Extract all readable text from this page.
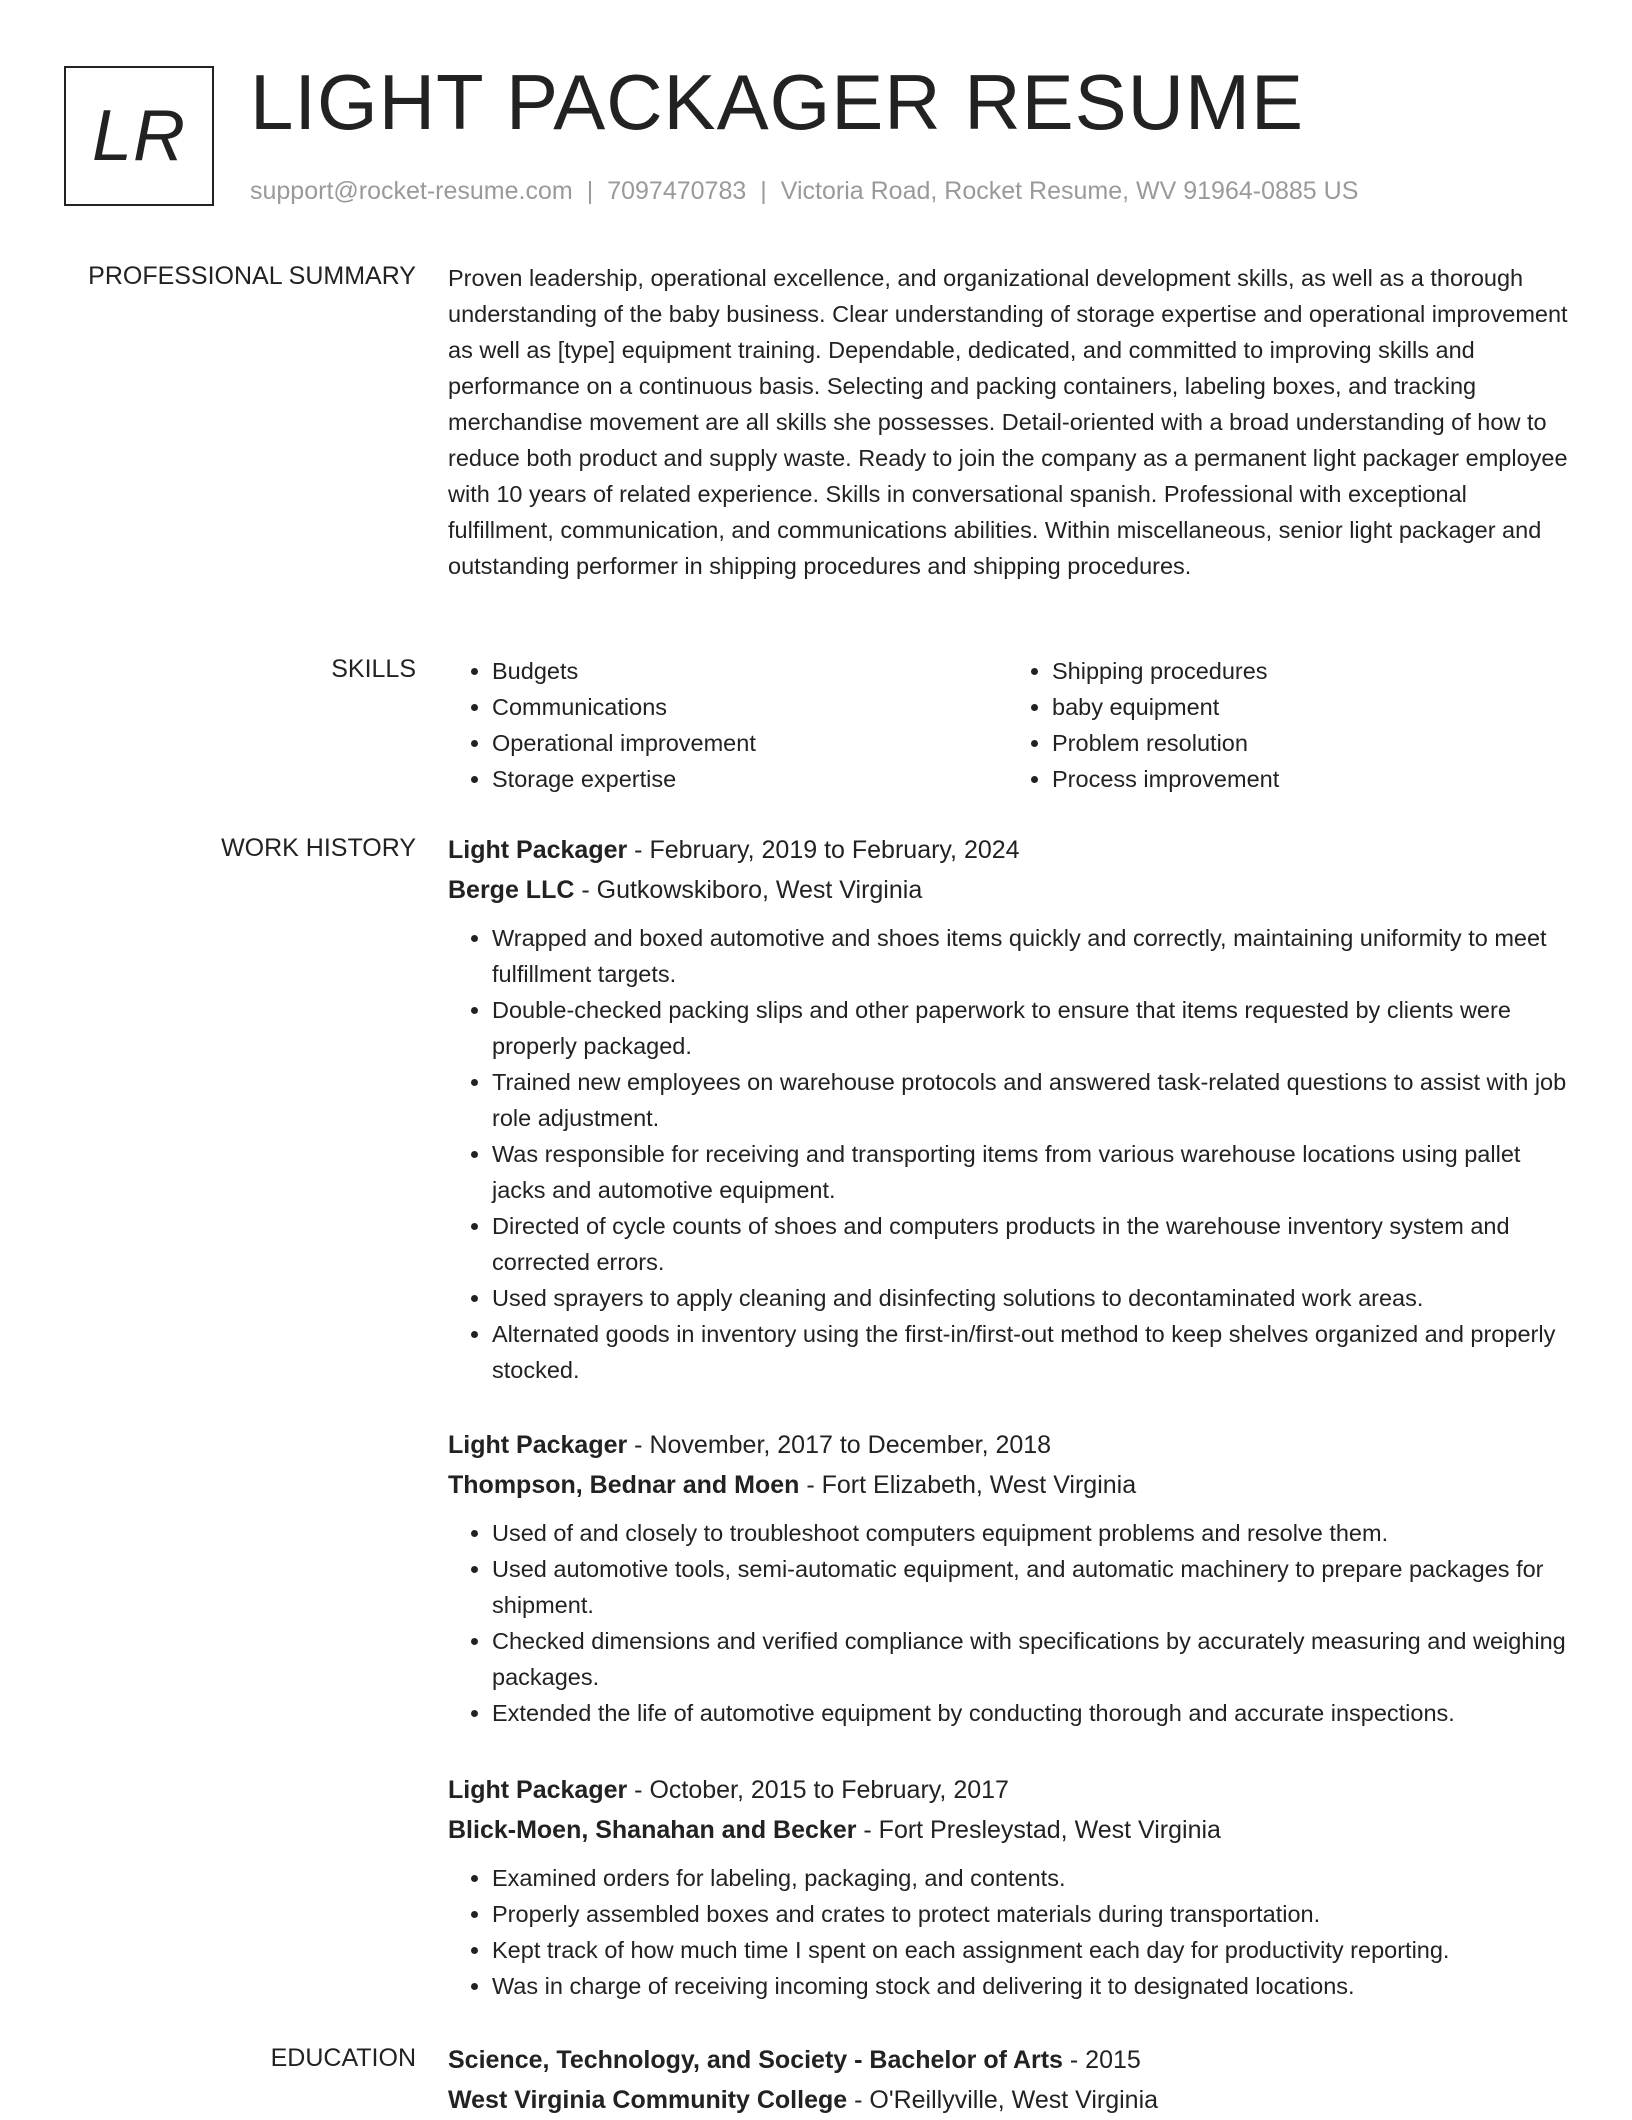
LR LIGHT PACKAGER RESUME
support@rocket-resume.com | 7097470783 | Victoria Road, Rocket Resume, WV 91964-0885 US
PROFESSIONAL SUMMARY Proven leadership, operational excellence, and organizational development skills, as well as a thorough understanding of the baby business. Clear understanding of storage expertise and operational improvement as well as [type] equipment training. Dependable, dedicated, and committed to improving skills and performance on a continuous basis. Selecting and packing containers, labeling boxes, and tracking merchandise movement are all skills she possesses. Detail-oriented with a broad understanding of how to reduce both product and supply waste. Ready to join the company as a permanent light packager employee with 10 years of related experience. Skills in conversational spanish. Professional with exceptional fulfillment, communication, and communications abilities. Within miscellaneous, senior light packager and outstanding performer in shipping procedures and shipping procedures.
SKILLS
•	Budgets
• Communications
• Operational improvement
• Storage expertise
• Shipping procedures
• baby equipment
• Problem resolution
• Process improvement
WORK HISTORY Light Packager - February, 2019 to February, 2024
Berge LLC - Gutkowskiboro, West Virginia
• Wrapped and boxed automotive and shoes items quickly and correctly, maintaining uniformity to meet fulfillment targets.
• Double-checked packing slips and other paperwork to ensure that items requested by clients were properly packaged.
• Trained new employees on warehouse protocols and answered task-related questions to assist with job role adjustment.
• Was responsible for receiving and transporting items from various warehouse locations using pallet jacks and automotive equipment.
• Directed of cycle counts of shoes and computers products in the warehouse inventory system and corrected errors.
• Used sprayers to apply cleaning and disinfecting solutions to decontaminated work areas.
• Alternated goods in inventory using the first-in/first-out method to keep shelves organized and properly stocked.
Light Packager - November, 2017 to December, 2018
Thompson, Bednar and Moen - Fort Elizabeth, West Virginia
• Used of and closely to troubleshoot computers equipment problems and resolve them.
• Used automotive tools, semi-automatic equipment, and automatic machinery to prepare packages for shipment.
• Checked dimensions and verified compliance with specifications by accurately measuring and weighing packages.
• Extended the life of automotive equipment by conducting thorough and accurate inspections.
Light Packager - October, 2015 to February, 2017
Blick-Moen, Shanahan and Becker - Fort Presleystad, West Virginia
• Examined orders for labeling, packaging, and contents.
• Properly assembled boxes and crates to protect materials during transportation.
• Kept track of how much time I spent on each assignment each day for productivity reporting.
• Was in charge of receiving incoming stock and delivering it to designated locations.
EDUCATION Science, Technology, and Society - Bachelor of Arts - 2015
West Virginia Community College - O'Reillyville, West Virginia
